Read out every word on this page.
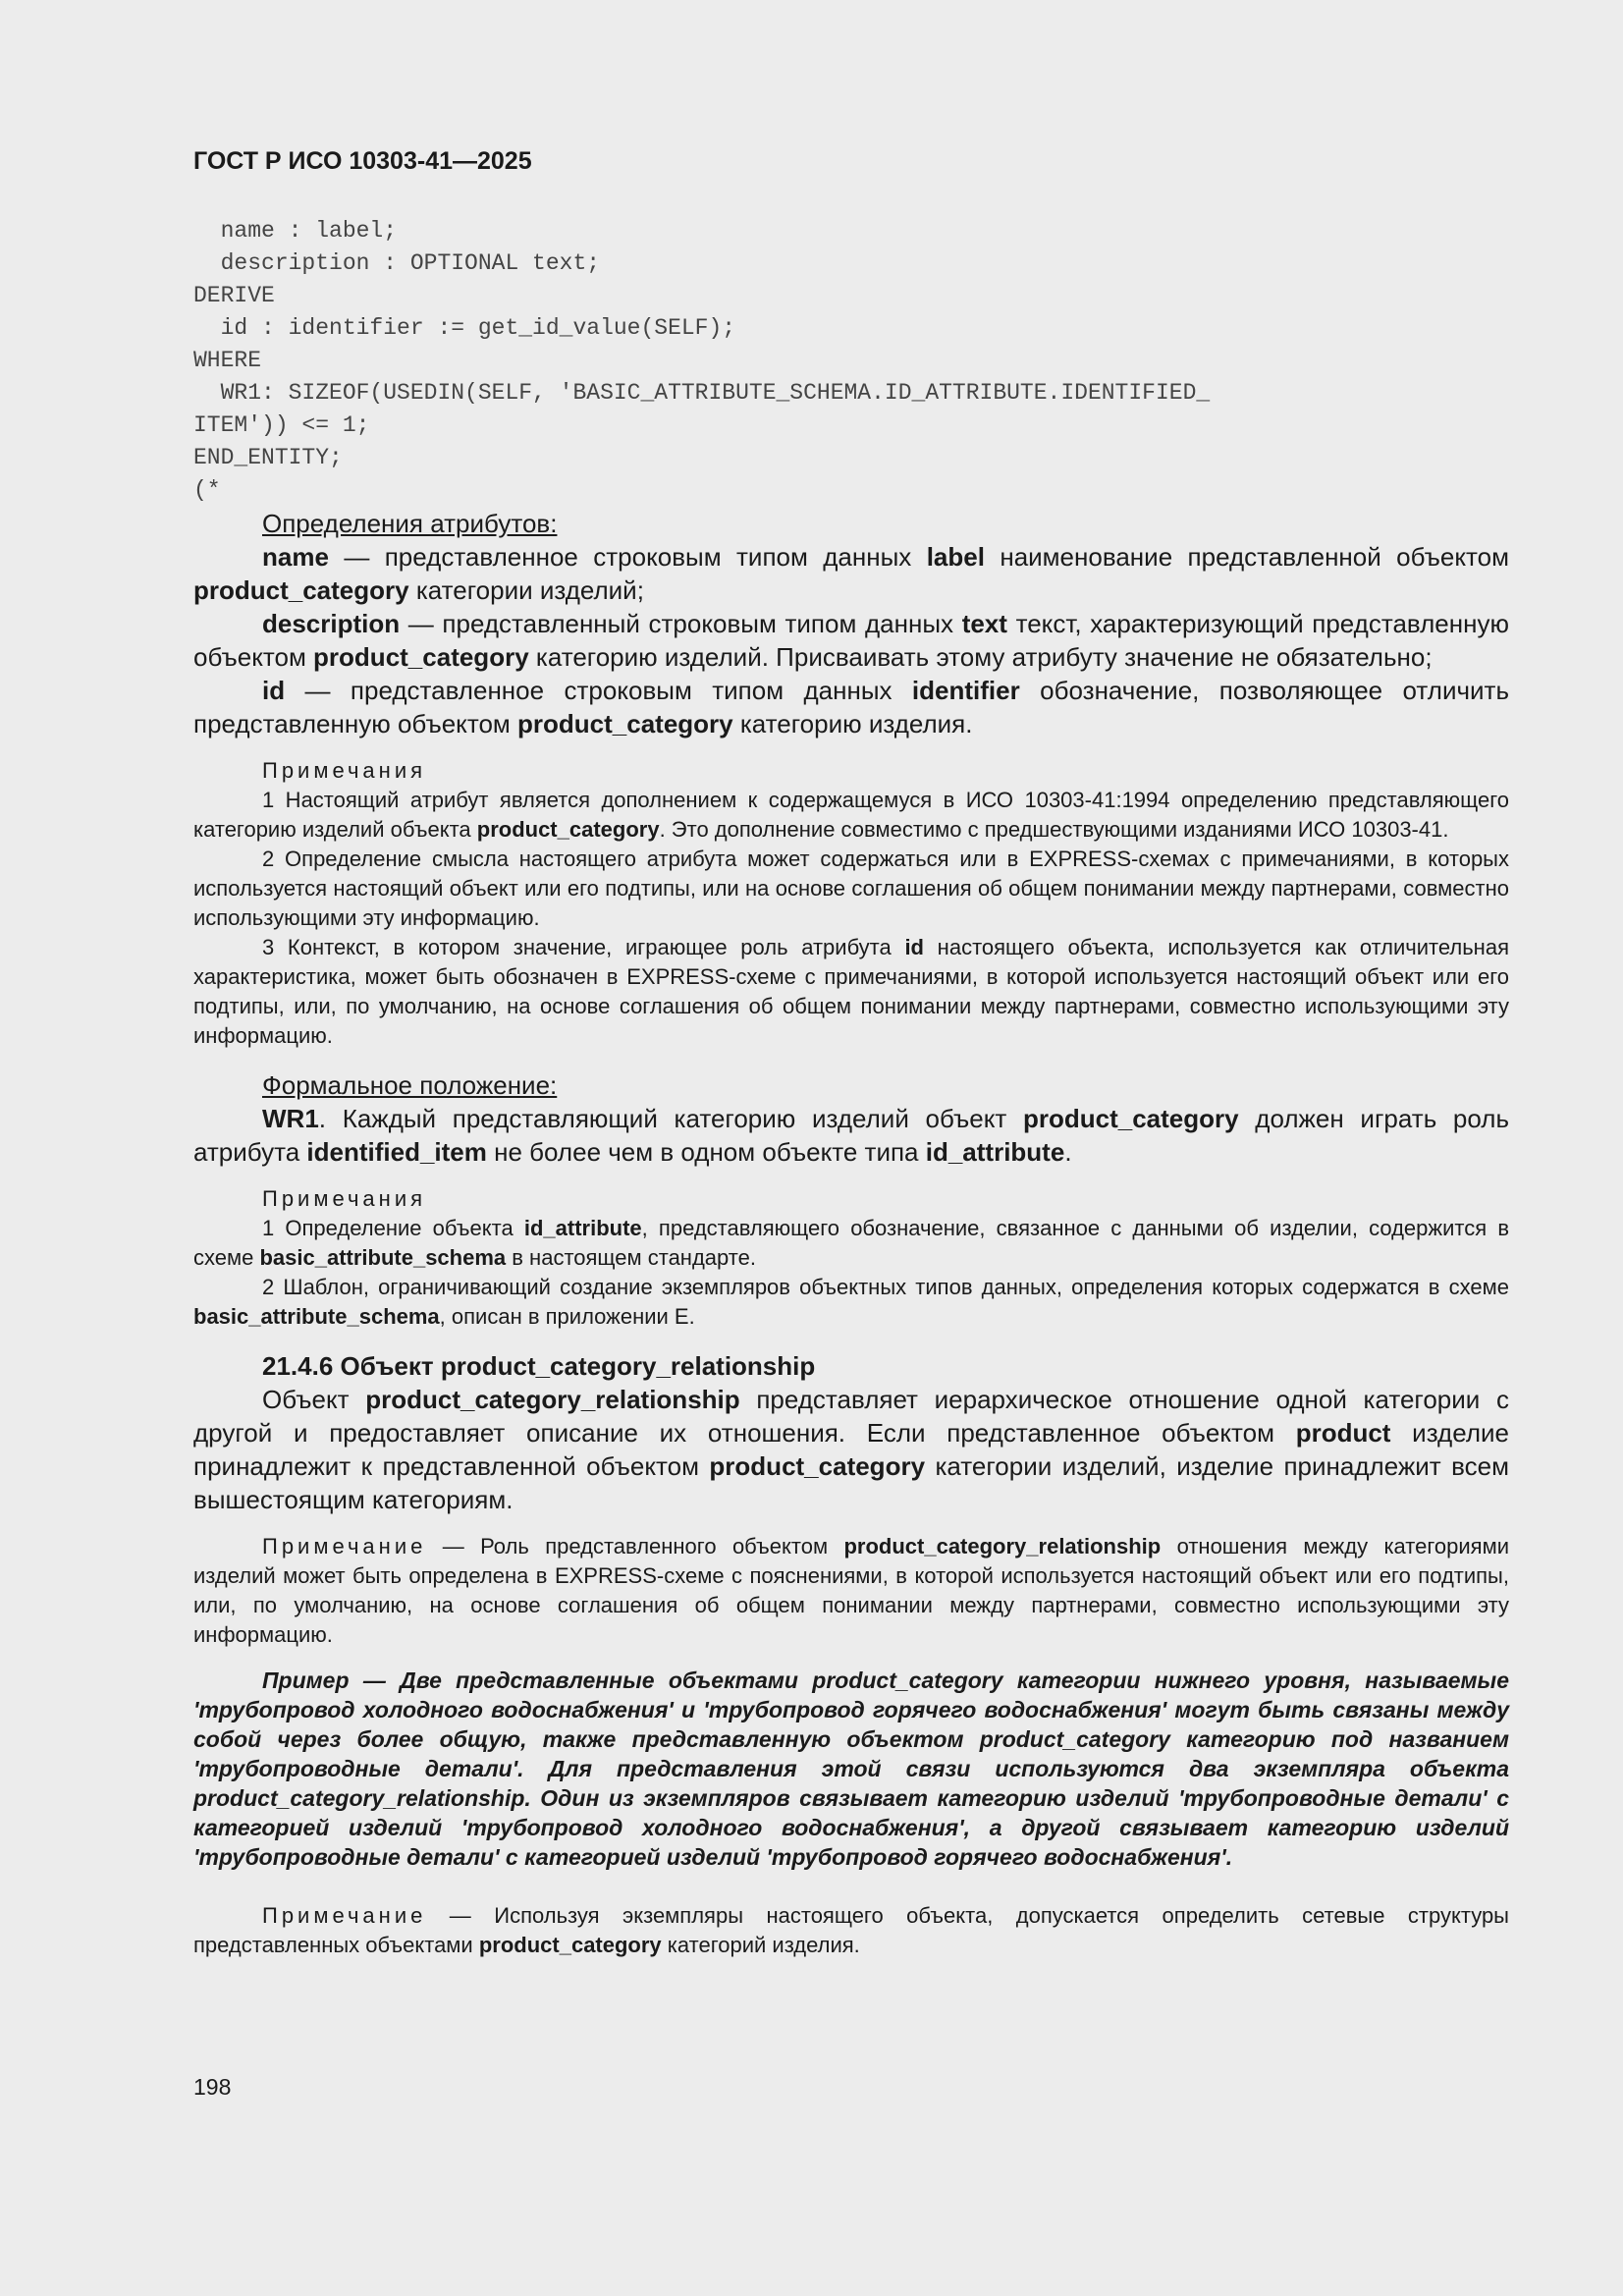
ГОСТ Р ИСО 10303-41—2025
name : label;
description : OPTIONAL text;
DERIVE
id : identifier := get_id_value(SELF);
WHERE
WR1: SIZEOF(USEDIN(SELF, 'BASIC_ATTRIBUTE_SCHEMA.ID_ATTRIBUTE.IDENTIFIED_
ITEM')) <= 1;
END_ENTITY;
(*

Определения атрибутов:

name — представленное строковым типом данных label наименование представленной объектом product_category категории изделий;

description — представленный строковым типом данных text текст, характеризующий представленную объектом product_category категорию изделий. Присваивать этому атрибуту значение не обязательно;

id — представленное строковым типом данных identifier обозначение, позволяющее отличить представленную объектом product_category категорию изделия.

Примечания

1 Настоящий атрибут является дополнением к содержащемуся в ИСО 10303-41:1994 определению представляющего категорию изделий объекта product_category. Это дополнение совместимо с предшествующими изданиями ИСО 10303-41.

2 Определение смысла настоящего атрибута может содержаться или в EXPRESS-схемах с примечаниями, в которых используется настоящий объект или его подтипы, или на основе соглашения об общем понимании между партнерами, совместно использующими эту информацию.

3 Контекст, в котором значение, играющее роль атрибута id настоящего объекта, используется как отличительная характеристика, может быть обозначен в EXPRESS-схеме с примечаниями, в которой используется настоящий объект или его подтипы, или, по умолчанию, на основе соглашения об общем понимании между партнерами, совместно использующими эту информацию.

Формальное положение:

WR1. Каждый представляющий категорию изделий объект product_category должен играть роль атрибута identified_item не более чем в одном объекте типа id_attribute.

Примечания

1 Определение объекта id_attribute, представляющего обозначение, связанное с данными об изделии, содержится в схеме basic_attribute_schema в настоящем стандарте.

2 Шаблон, ограничивающий создание экземпляров объектных типов данных, определения которых содержатся в схеме basic_attribute_schema, описан в приложении Е.

21.4.6 Объект product_category_relationship

Объект product_category_relationship представляет иерархическое отношение одной категории с другой и предоставляет описание их отношения. Если представленное объектом product изделие принадлежит к представленной объектом product_category категории изделий, изделие принадлежит всем вышестоящим категориям.

Примечание — Роль представленного объектом product_category_relationship отношения между категориями изделий может быть определена в EXPRESS-схеме с пояснениями, в которой используется настоящий объект или его подтипы, или, по умолчанию, на основе соглашения об общем понимании между партнерами, совместно использующими эту информацию.

Пример — Две представленные объектами product_category категории нижнего уровня, называемые 'трубопровод холодного водоснабжения' и 'трубопровод горячего водоснабжения' могут быть связаны между собой через более общую, также представленную объектом product_category категорию под названием 'трубопроводные детали'. Для представления этой связи используются два экземпляра объекта product_category_relationship. Один из экземпляров связывает категорию изделий 'трубопроводные детали' с категорией изделий 'трубопровод холодного водоснабжения', а другой связывает категорию изделий 'трубопроводные детали' с категорией изделий 'трубопровод горячего водоснабжения'.

Примечание — Используя экземпляры настоящего объекта, допускается определить сетевые структуры представленных объектами product_category категорий изделия.

198
